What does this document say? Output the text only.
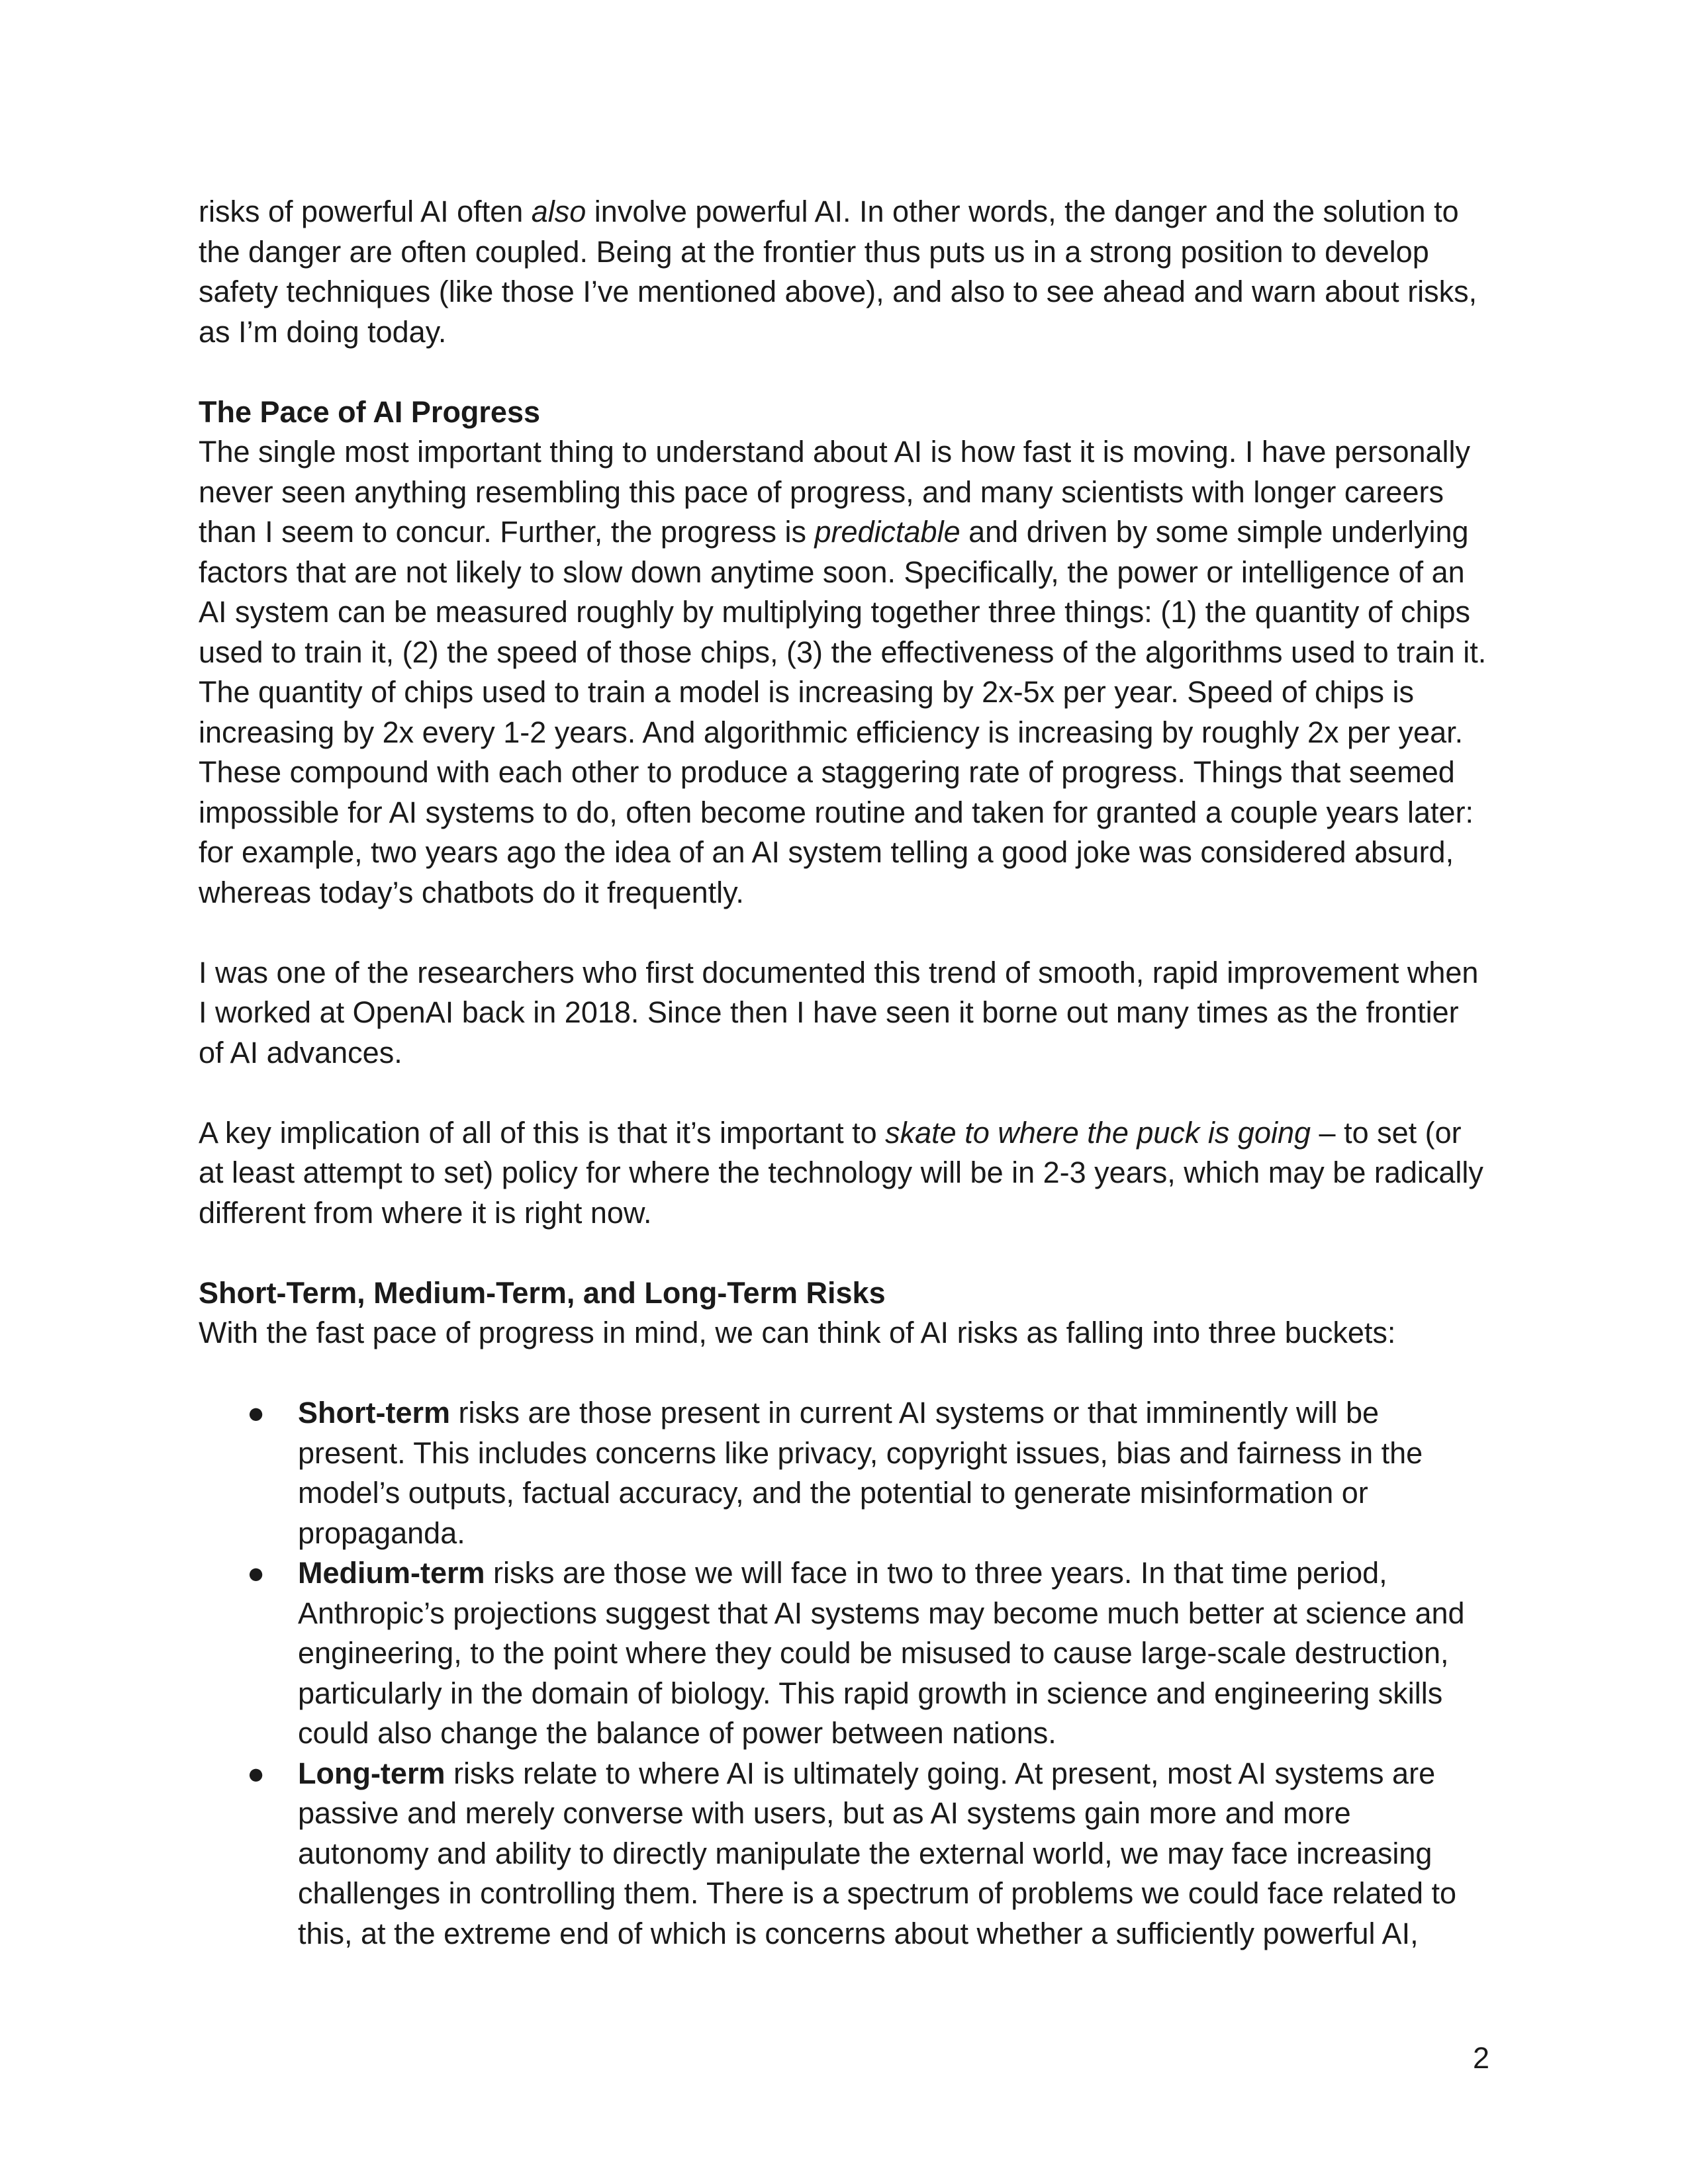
risks of powerful AI often also involve powerful AI. In other words, the danger and the solution to the danger are often coupled. Being at the frontier thus puts us in a strong position to develop safety techniques (like those I’ve mentioned above), and also to see ahead and warn about risks, as I’m doing today.

The Pace of AI Progress

The single most important thing to understand about AI is how fast it is moving. I have personally never seen anything resembling this pace of progress, and many scientists with longer careers than I seem to concur. Further, the progress is predictable and driven by some simple underlying factors that are not likely to slow down anytime soon. Specifically, the power or intelligence of an AI system can be measured roughly by multiplying together three things: (1) the quantity of chips used to train it, (2) the speed of those chips, (3) the effectiveness of the algorithms used to train it. The quantity of chips used to train a model is increasing by 2x-5x per year. Speed of chips is increasing by 2x every 1-2 years. And algorithmic efficiency is increasing by roughly 2x per year. These compound with each other to produce a staggering rate of progress. Things that seemed impossible for AI systems to do, often become routine and taken for granted a couple years later: for example, two years ago the idea of an AI system telling a good joke was considered absurd, whereas today’s chatbots do it frequently.

I was one of the researchers who first documented this trend of smooth, rapid improvement when I worked at OpenAI back in 2018. Since then I have seen it borne out many times as the frontier of AI advances.

A key implication of all of this is that it’s important to skate to where the puck is going – to set (or at least attempt to set) policy for where the technology will be in 2-3 years, which may be radically different from where it is right now.

Short-Term, Medium-Term, and Long-Term Risks

With the fast pace of progress in mind, we can think of AI risks as falling into three buckets:

● Short-term risks are those present in current AI systems or that imminently will be present. This includes concerns like privacy, copyright issues, bias and fairness in the model’s outputs, factual accuracy, and the potential to generate misinformation or propaganda.
● Medium-term risks are those we will face in two to three years. In that time period, Anthropic’s projections suggest that AI systems may become much better at science and engineering, to the point where they could be misused to cause large-scale destruction, particularly in the domain of biology. This rapid growth in science and engineering skills could also change the balance of power between nations.
● Long-term risks relate to where AI is ultimately going. At present, most AI systems are passive and merely converse with users, but as AI systems gain more and more autonomy and ability to directly manipulate the external world, we may face increasing challenges in controlling them. There is a spectrum of problems we could face related to this, at the extreme end of which is concerns about whether a sufficiently powerful AI,
2
